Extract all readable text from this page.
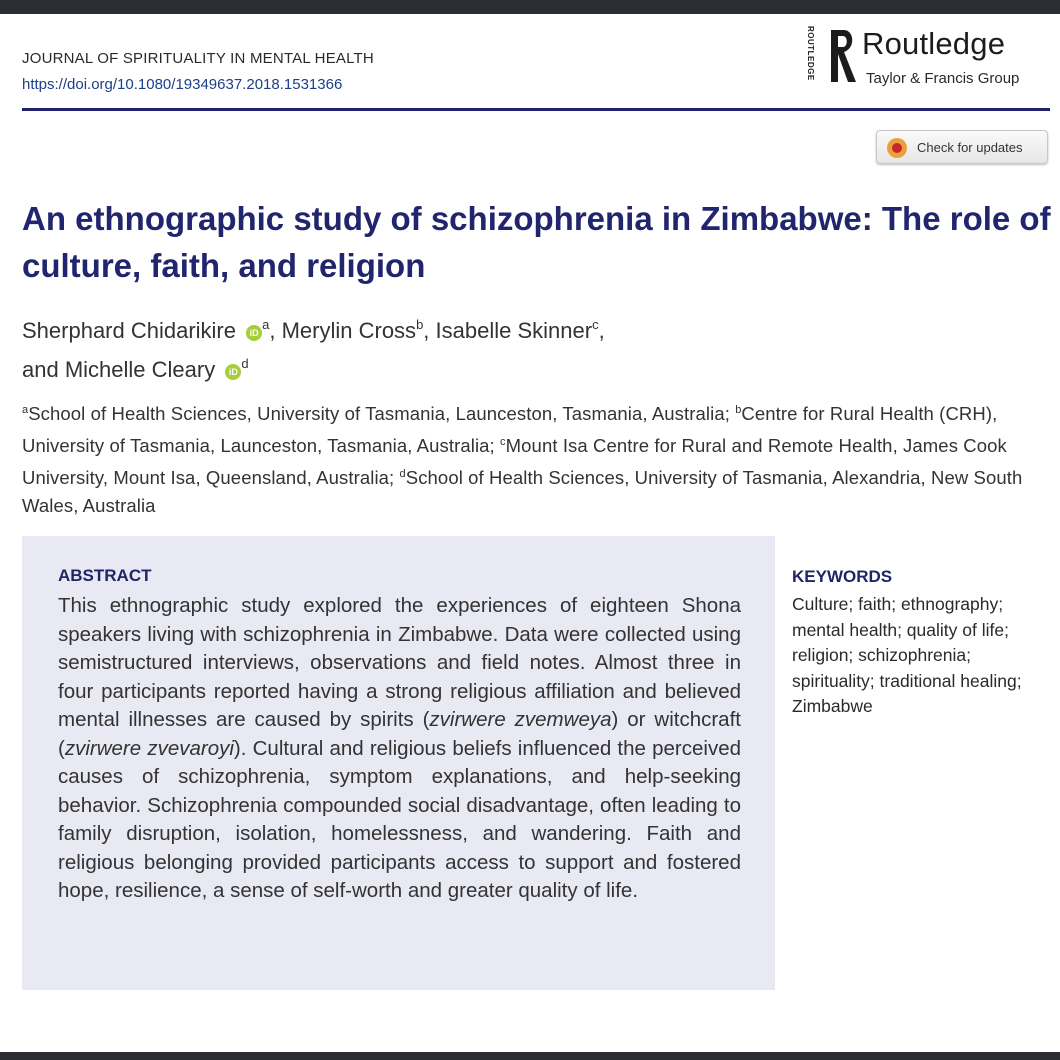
JOURNAL OF SPIRITUALITY IN MENTAL HEALTH
https://doi.org/10.1080/19349637.2018.1531366
ROUTLEDGE Routledge
Taylor & Francis Group
Check for updates
An ethnographic study of schizophrenia in Zimbabwe: The role of culture, faith, and religion
Sherphard Chidarikire $iD^a$, Merylin Cross$^b$, Isabelle Skinner$^c$,
and Michelle Cleary $iD^d$
$^a$School of Health Sciences, University of Tasmania, Launceston, Tasmania, Australia; $^b$Centre for Rural Health (CRH), University of Tasmania, Launceston, Tasmania, Australia; $^c$Mount Isa Centre for Rural and Remote Health, James Cook University, Mount Isa, Queensland, Australia; $^d$School of Health Sciences, University of Tasmania, Alexandria, New South Wales, Australia
ABSTRACT
This ethnographic study explored the experiences of eighteen Shona speakers living with schizophrenia in Zimbabwe. Data were collected using semistructured interviews, observations and field notes. Almost three in four participants reported having a strong religious affiliation and believed mental illnesses are caused by spirits (zvirwere zvemweya) or witchcraft (zvirwere zvevaroyi). Cultural and religious beliefs influenced the perceived causes of schizophrenia, symptom explanations, and help-seeking behavior. Schizophrenia compounded social disadvantage, often leading to family disruption, isolation, homelessness, and wandering. Faith and religious belonging provided participants access to support and fostered hope, resilience, a sense of self-worth and greater quality of life.
KEYWORDS
Culture; faith; ethnography; mental health; quality of life; religion; schizophrenia; spirituality; traditional healing; Zimbabwe
